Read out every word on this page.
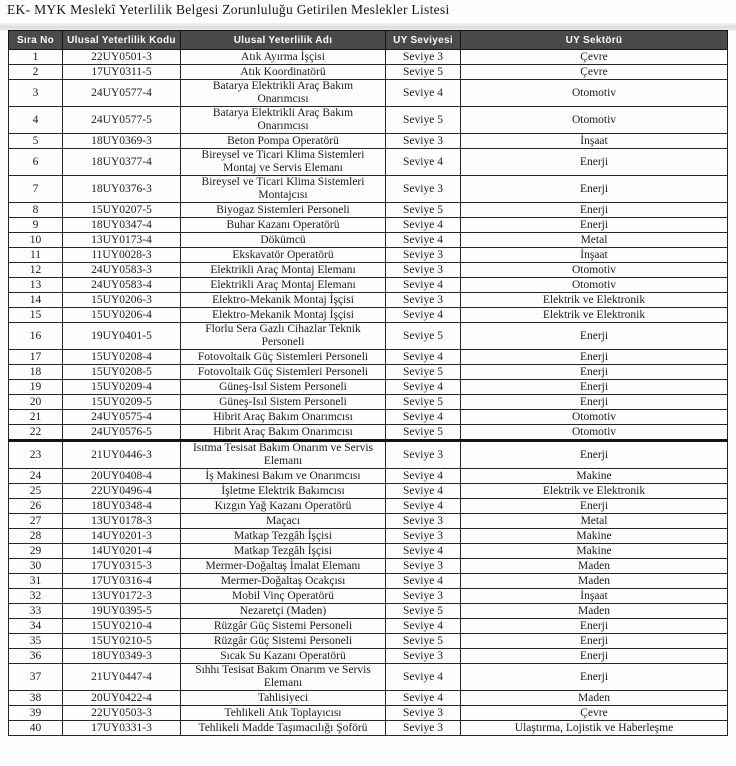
EK- MYK Meslekî Yeterlilik Belgesi Zorunluluğu Getirilen Meslekler Listesi
Sıra No	Ulusal Yeterlilik Kodu	Ulusal Yeterlilik Adı	UY Seviyesi	UY Sektörü
1	22UY0501-3	Atık Ayırma İşçisi	Seviye 3	Çevre
2	17UY0311-5	Atık Koordinatörü	Seviye 5	Çevre
3	24UY0577-4	Batarya Elektrikli Araç Bakım Onarımcısı	Seviye 4	Otomotiv
4	24UY0577-5	Batarya Elektrikli Araç Bakım Onarımcısı	Seviye 5	Otomotiv
5	18UY0369-3	Beton Pompa Operatörü	Seviye 3	İnşaat
6	18UY0377-4	Bireysel ve Ticari Klima Sistemleri Montaj ve Servis Elemanı	Seviye 4	Enerji
7	18UY0376-3	Bireysel ve Ticari Klima Sistemleri Montajcısı	Seviye 3	Enerji
8	15UY0207-5	Biyogaz Sistemleri Personeli	Seviye 5	Enerji
9	18UY0347-4	Buhar Kazanı Operatörü	Seviye 4	Enerji
10	13UY0173-4	Dökümcü	Seviye 4	Metal
11	11UY0028-3	Ekskavatör Operatörü	Seviye 3	İnşaat
12	24UY0583-3	Elektrikli Araç Montaj Elemanı	Seviye 3	Otomotiv
13	24UY0583-4	Elektrikli Araç Montaj Elemanı	Seviye 4	Otomotiv
14	15UY0206-3	Elektro-Mekanik Montaj İşçisi	Seviye 3	Elektrik ve Elektronik
15	15UY0206-4	Elektro-Mekanik Montaj İşçisi	Seviye 4	Elektrik ve Elektronik
16	19UY0401-5	Florlu Sera Gazlı Cihazlar Teknik Personeli	Seviye 5	Enerji
17	15UY0208-4	Fotovoltaik Güç Sistemleri Personeli	Seviye 4	Enerji
18	15UY0208-5	Fotovoltaik Güç Sistemleri Personeli	Seviye 5	Enerji
19	15UY0209-4	Güneş-Isıl Sistem Personeli	Seviye 4	Enerji
20	15UY0209-5	Güneş-Isıl Sistem Personeli	Seviye 5	Enerji
21	24UY0575-4	Hibrit Araç Bakım Onarımcısı	Seviye 4	Otomotiv
22	24UY0576-5	Hibrit Araç Bakım Onarımcısı	Seviye 5	Otomotiv
23	21UY0446-3	Isıtma Tesisat Bakım Onarım ve Servis Elemanı	Seviye 3	Enerji
24	20UY0408-4	İş Makinesi Bakım ve Onarımcısı	Seviye 4	Makine
25	22UY0496-4	İşletme Elektrik Bakımcısı	Seviye 4	Elektrik ve Elektronik
26	18UY0348-4	Kızgın Yağ Kazanı Operatörü	Seviye 4	Enerji
27	13UY0178-3	Maçacı	Seviye 3	Metal
28	14UY0201-3	Matkap Tezgâh İşçisi	Seviye 3	Makine
29	14UY0201-4	Matkap Tezgâh İşçisi	Seviye 4	Makine
30	17UY0315-3	Mermer-Doğaltaş İmalat Elemanı	Seviye 3	Maden
31	17UY0316-4	Mermer-Doğaltaş Ocakçısı	Seviye 4	Maden
32	13UY0172-3	Mobil Vinç Operatörü	Seviye 3	İnşaat
33	19UY0395-5	Nezaretçi (Maden)	Seviye 5	Maden
34	15UY0210-4	Rüzgâr Güç Sistemi Personeli	Seviye 4	Enerji
35	15UY0210-5	Rüzgâr Güç Sistemi Personeli	Seviye 5	Enerji
36	18UY0349-3	Sıcak Su Kazanı Operatörü	Seviye 3	Enerji
37	21UY0447-4	Sıhhı Tesisat Bakım Onarım ve Servis Elemanı	Seviye 4	Enerji
38	20UY0422-4	Tahlisiyeci	Seviye 4	Maden
39	22UY0503-3	Tehlikeli Atık Toplayıcısı	Seviye 3	Çevre
40	17UY0331-3	Tehlikeli Madde Taşımacılığı Şoförü	Seviye 3	Ulaştırma, Lojistik ve Haberleşme
